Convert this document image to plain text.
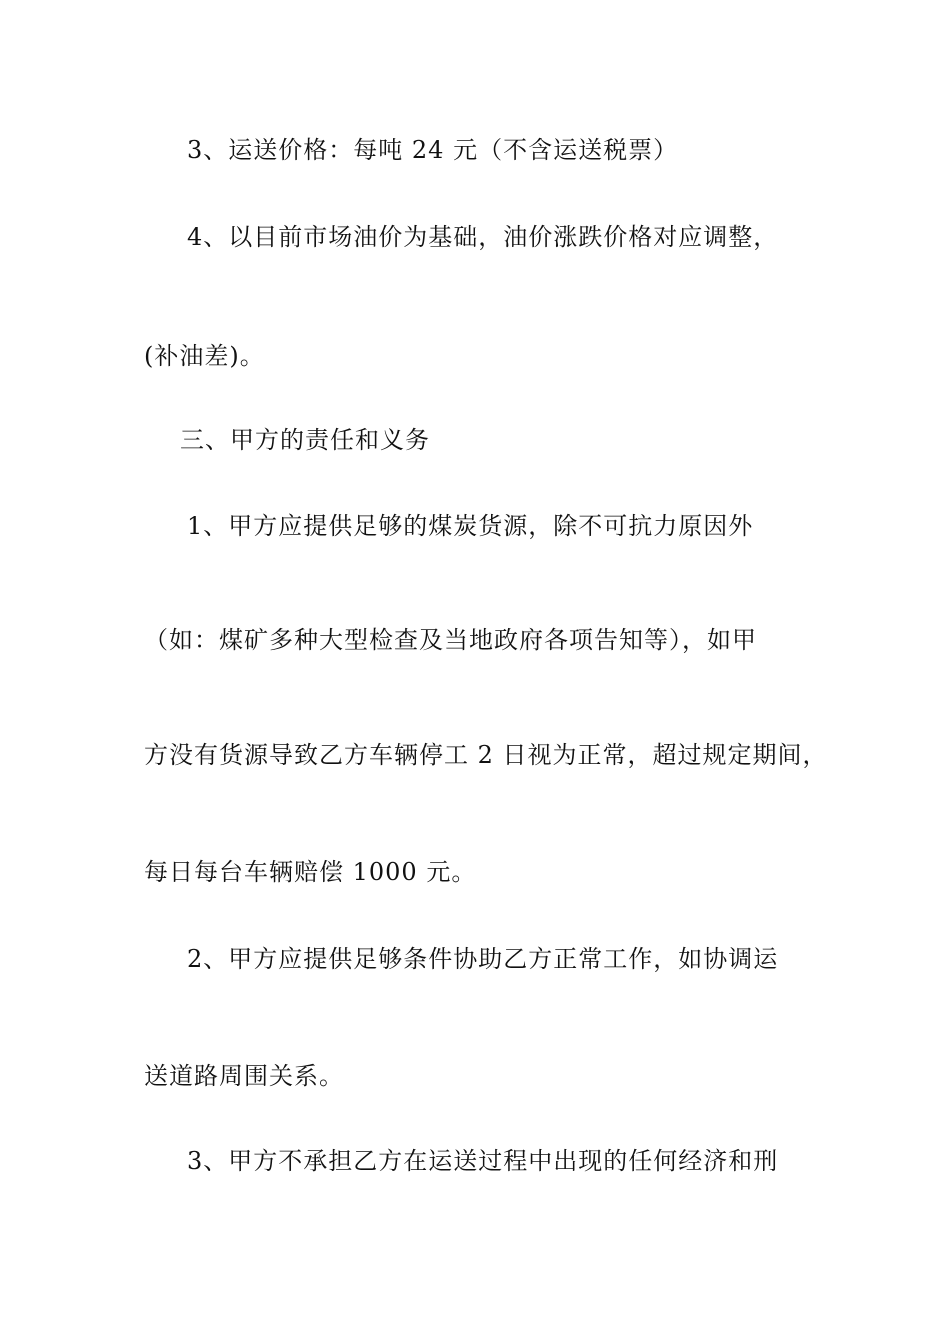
3、运送价格：每吨 24 元（不含运送税票）
4、以目前市场油价为基础，油价涨跌价格对应调整，
(补油差)。
三、甲方的责任和义务
1、甲方应提供足够的煤炭货源，除不可抗力原因外
（如：煤矿多种大型检查及当地政府各项告知等），如甲
方没有货源导致乙方车辆停工 2 日视为正常，超过规定期间，
每日每台车辆赔偿 1000 元。
2、甲方应提供足够条件协助乙方正常工作，如协调运
送道路周围关系。
3、甲方不承担乙方在运送过程中出现的任何经济和刑
